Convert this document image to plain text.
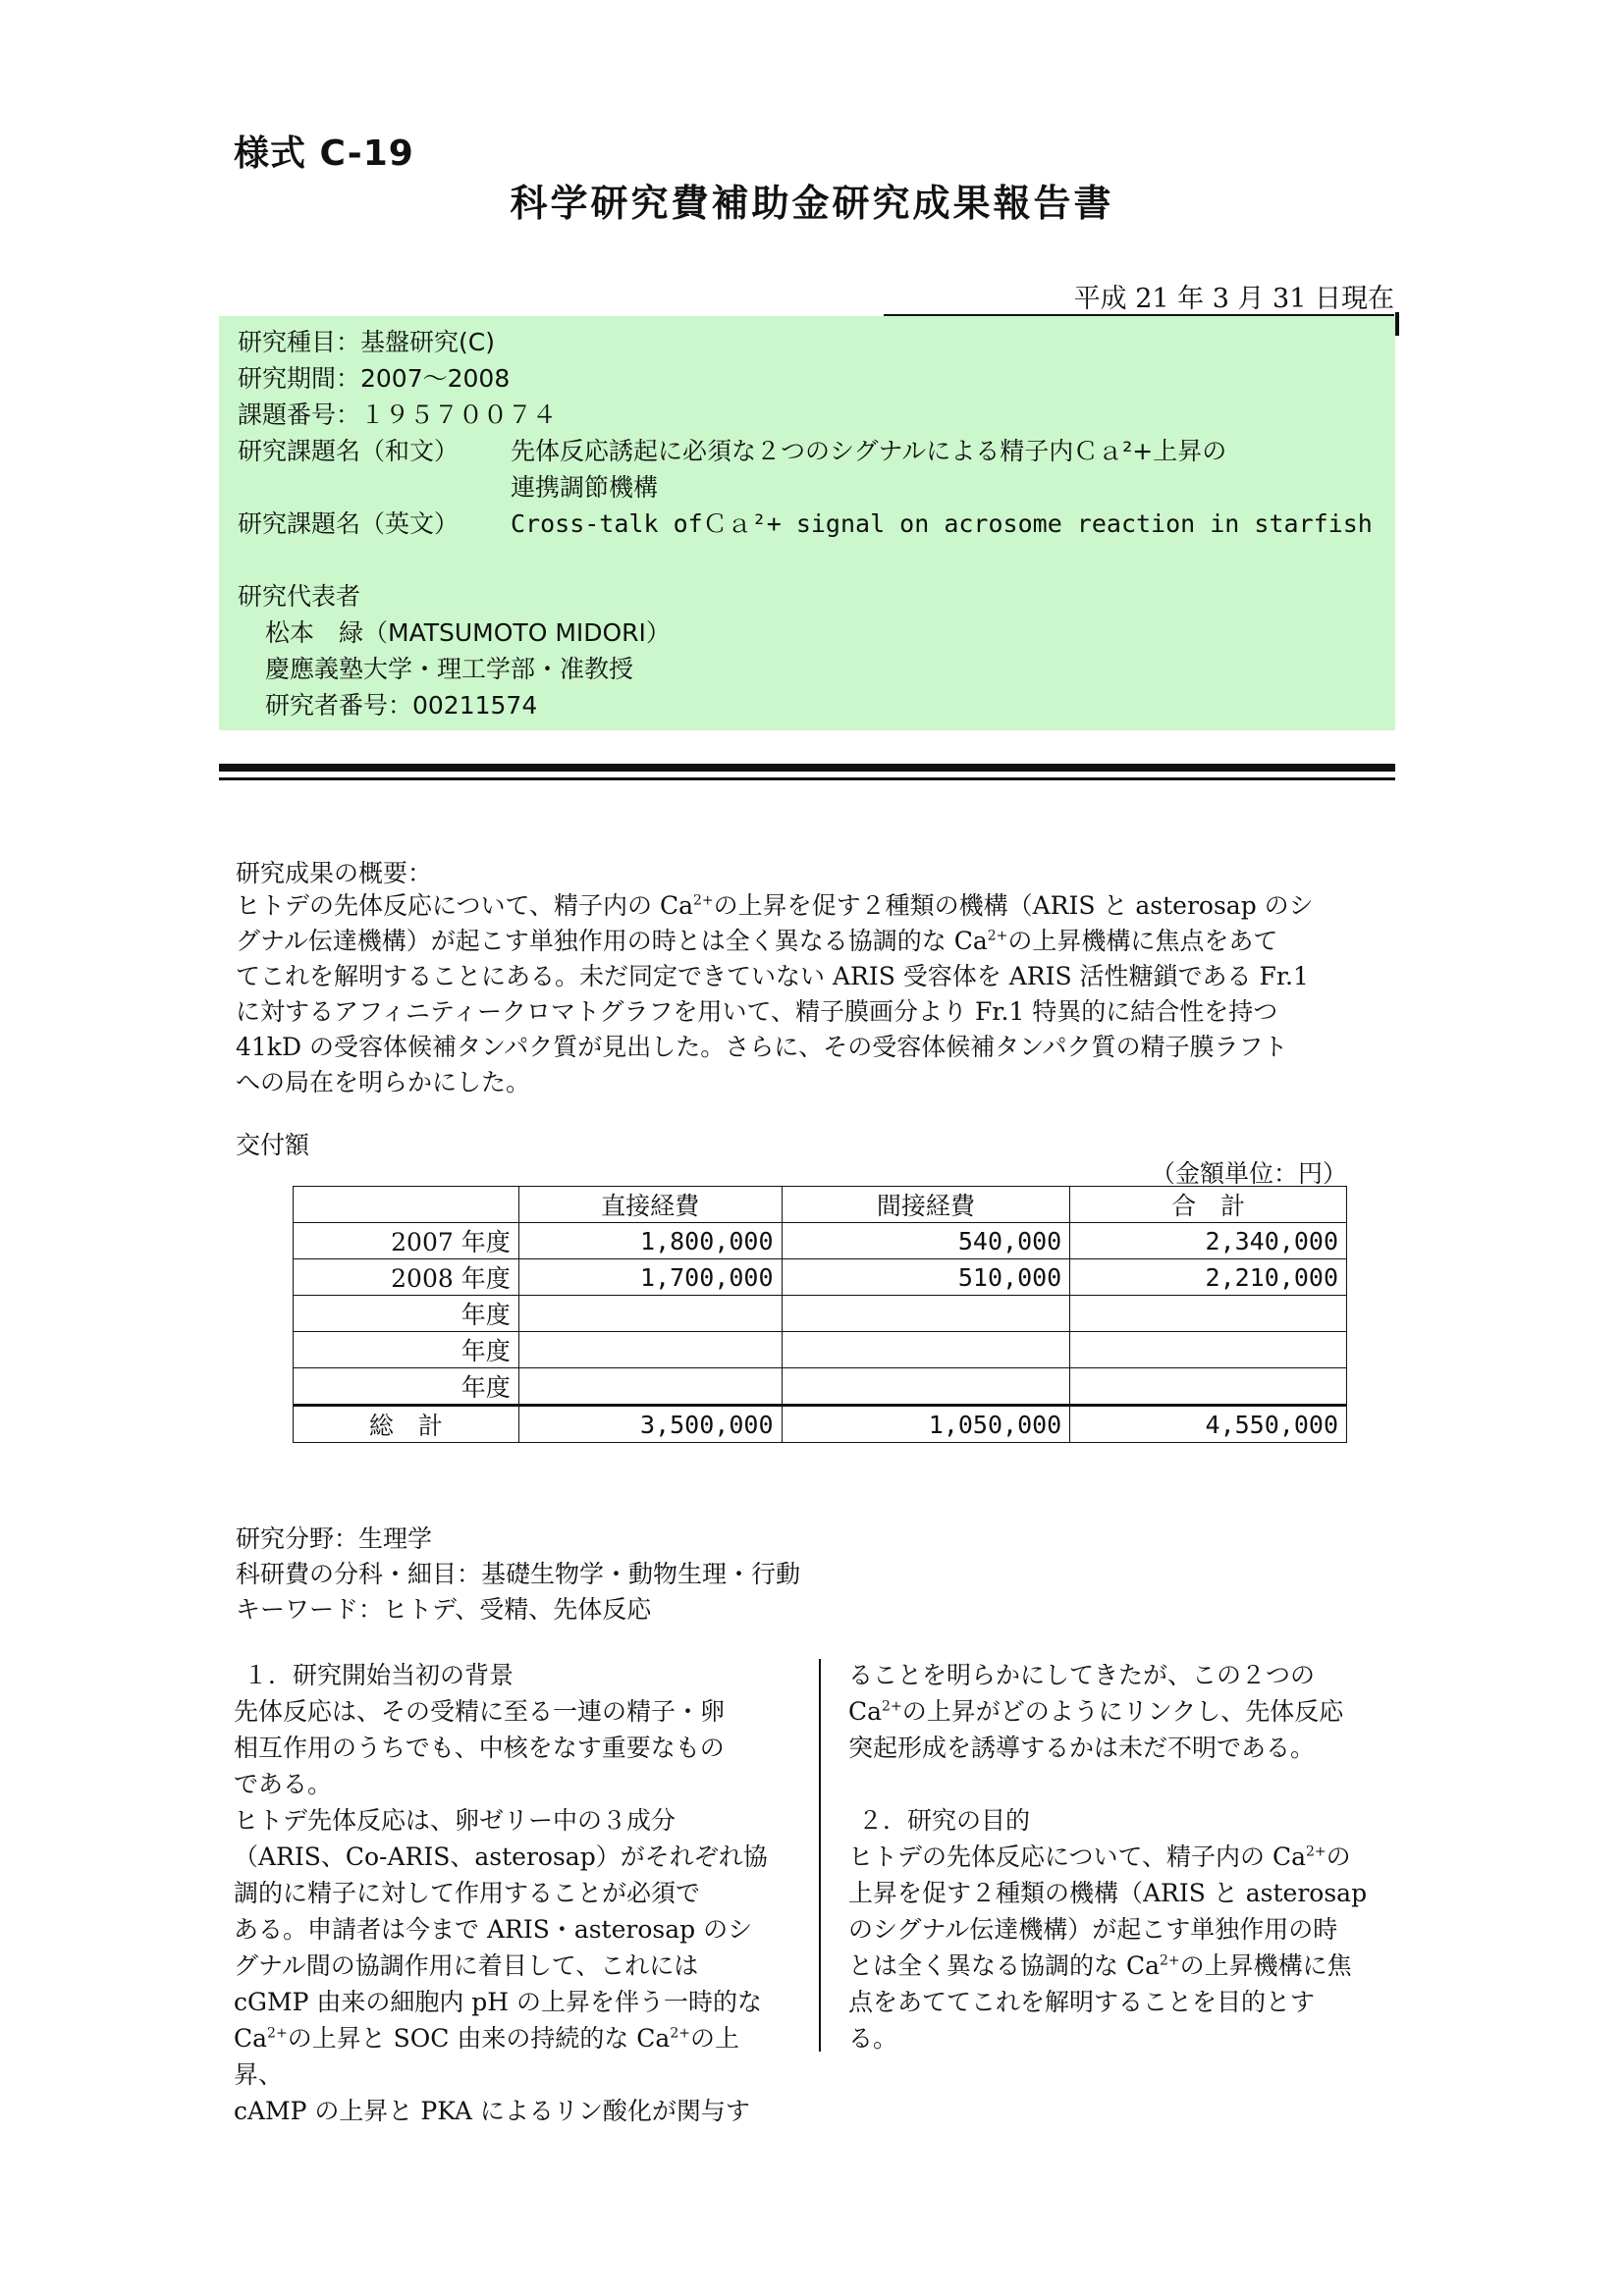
様式 C-19
科学研究費補助金研究成果報告書
平成 21 年 3 月 31 日現在
研究種目：基盤研究(C)
研究期間：2007〜2008
課題番号：１９５７００７４
研究課題名（和文） 先体反応誘起に必須な２つのシグナルによる精子内Ｃａ²+上昇の
連携調節機構
研究課題名（英文） Cross-talk ofＣａ²+ signal on acrosome reaction in starfish
研究代表者
松本　緑（MATSUMOTO MIDORI）
慶應義塾大学・理工学部・准教授
研究者番号：00211574
研究成果の概要：
ヒトデの先体反応について、精子内の $Ca^{2+}$の上昇を促す２種類の機構（ARIS と asterosap のシ
グナル伝達機構）が起こす単独作用の時とは全く異なる協調的な $Ca^{2+}$の上昇機構に焦点をあて
てこれを解明することにある。未だ同定できていない ARIS 受容体を ARIS 活性糖鎖である Fr.1
に対するアフィニティークロマトグラフを用いて、精子膜画分より Fr.1 特異的に結合性を持つ
41kD の受容体候補タンパク質が見出した。さらに、その受容体候補タンパク質の精子膜ラフト
への局在を明らかにした。
交付額
（金額単位：円）
	直接経費	間接経費	合　計
2007 年度	1,800,000	540,000	2,340,000
2008 年度	1,700,000	510,000	2,210,000
年度			
年度			
年度			
総　計	3,500,000	1,050,000	4,550,000
研究分野：生理学
科研費の分科・細目：基礎生物学・動物生理・行動
キーワード：ヒトデ、受精、先体反応
１．研究開始当初の背景
先体反応は、その受精に至る一連の精子・卵
相互作用のうちでも、中核をなす重要なもの
である。
ヒトデ先体反応は、卵ゼリー中の３成分
（ARIS、Co-ARIS、asterosap）がそれぞれ協
調的に精子に対して作用することが必須で
ある。申請者は今まで ARIS・asterosap のシ
グナル間の協調作用に着目して、これには
cGMP 由来の細胞内 pH の上昇を伴う一時的な
$Ca^{2+}$の上昇と SOC 由来の持続的な $Ca^{2+}$の上昇、
cAMP の上昇と PKA によるリン酸化が関与す
ることを明らかにしてきたが、この２つの
$Ca^{2+}$の上昇がどのようにリンクし、先体反応
突起形成を誘導するかは未だ不明である。
２．研究の目的
ヒトデの先体反応について、精子内の $Ca^{2+}$の
上昇を促す２種類の機構（ARIS と asterosap
のシグナル伝達機構）が起こす単独作用の時
とは全く異なる協調的な $Ca^{2+}$の上昇機構に焦
点をあててこれを解明することを目的とす
る。
